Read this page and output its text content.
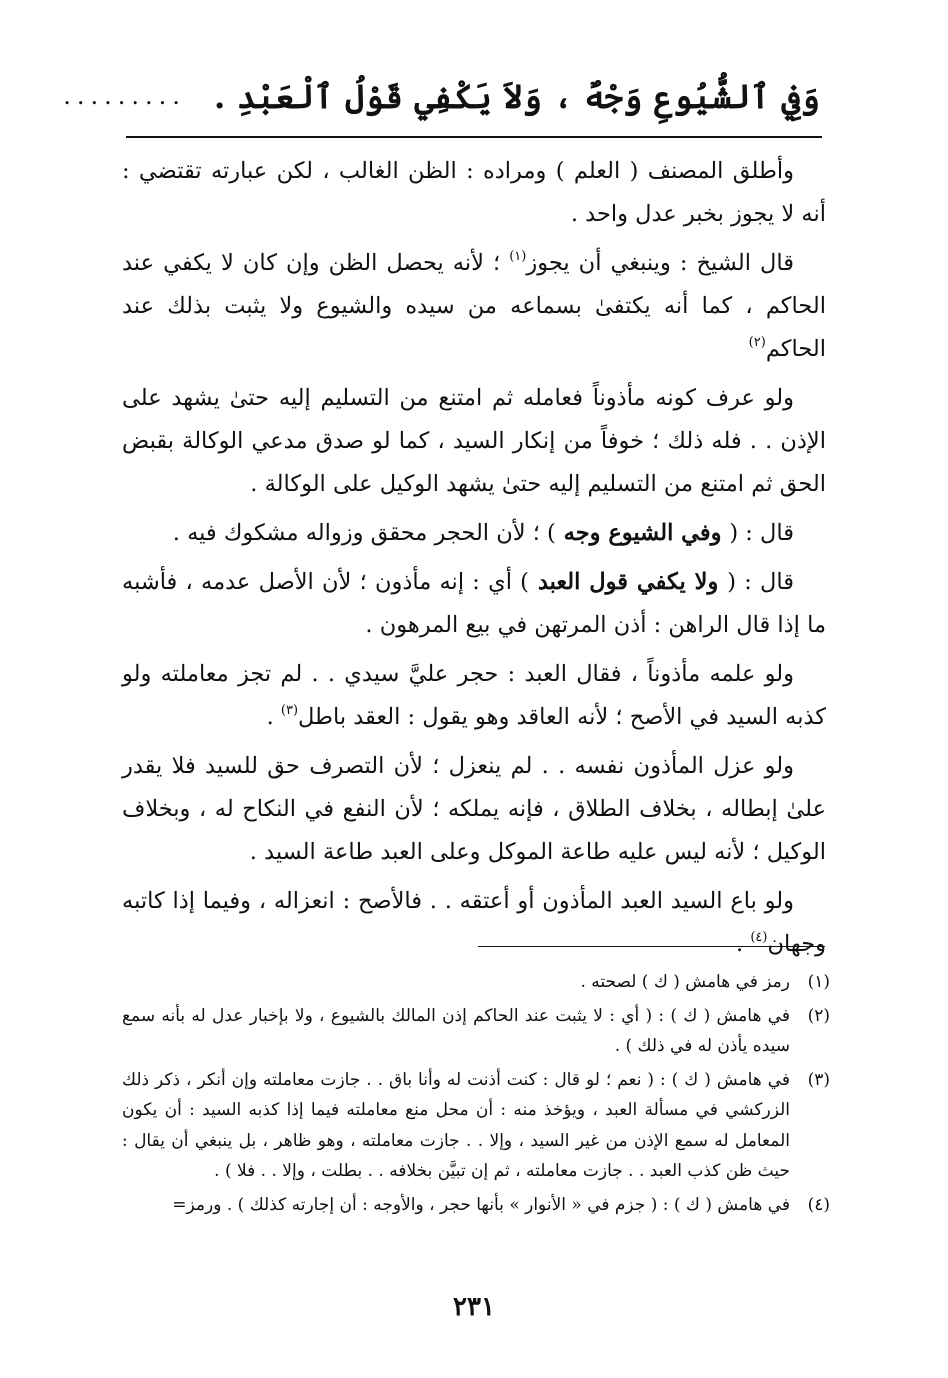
وَفِي ٱلشُّيُوعِ وَجْهٌ ، وَلاَ يَكْفِي قَوْلُ ٱلْعَبْدِ .
.........

وأطلق المصنف ( العلم ) ومراده : الظن الغالب ، لكن عبارته تقتضي : أنه لا يجوز بخبر عدل واحد .

قال الشيخ : وينبغي أن يجوز$^{(١)}$ ؛ لأنه يحصل الظن وإن كان لا يكفي عند الحاكم ، كما أنه يكتفىٰ بسماعه من سيده والشيوع ولا يثبت بذلك عند الحاكم$^{(٢)}$

ولو عرف كونه مأذوناً فعامله ثم امتنع من التسليم إليه حتىٰ يشهد على الإذن . . فله ذلك ؛ خوفاً من إنكار السيد ، كما لو صدق مدعي الوكالة بقبض الحق ثم امتنع من التسليم إليه حتىٰ يشهد الوكيل على الوكالة .

قال : ( وفي الشيوع وجه ) ؛ لأن الحجر محقق وزواله مشكوك فيه .

قال : ( ولا يكفي قول العبد ) أي : إنه مأذون ؛ لأن الأصل عدمه ، فأشبه ما إذا قال الراهن : أذن المرتهن في بيع المرهون .

ولو علمه مأذوناً ، فقال العبد : حجر عليَّ سيدي . . لم تجز معاملته ولو كذبه السيد في الأصح ؛ لأنه العاقد وهو يقول : العقد باطل$^{(٣)}$ .

ولو عزل المأذون نفسه . . لم ينعزل ؛ لأن التصرف حق للسيد فلا يقدر علىٰ إبطاله ، بخلاف الطلاق ، فإنه يملكه ؛ لأن النفع في النكاح له ، وبخلاف الوكيل ؛ لأنه ليس عليه طاعة الموكل وعلى العبد طاعة السيد .

ولو باع السيد العبد المأذون أو أعتقه . . فالأصح : انعزاله ، وفيما إذا كاتبه وجهان$^{(٤)}$ .

(١)
رمز في هامش ( ك ) لصحته .
(٢)
في هامش ( ك ) : ( أي : لا يثبت عند الحاكم إذن المالك بالشيوع ، ولا بإخبار عدل له بأنه سمع سيده يأذن له في ذلك ) .
(٣)
في هامش ( ك ) : ( نعم ؛ لو قال : كنت أذنت له وأنا باق . . جازت معاملته وإن أنكر ، ذكر ذلك الزركشي في مسألة العبد ، ويؤخذ منه : أن محل منع معاملته فيما إذا كذبه السيد : أن يكون المعامل له سمع الإذن من غير السيد ، وإلا . . جازت معاملته ، وهو ظاهر ، بل ينبغي أن يقال : حيث ظن كذب العبد . . جازت معاملته ، ثم إن تبيَّن بخلافه . . بطلت ، وإلا . . فلا ) .
(٤)
في هامش ( ك ) : ( جزم في « الأنوار » بأنها حجر ، والأوجه : أن إجارته كذلك ) . ورمز=
٢٣١
